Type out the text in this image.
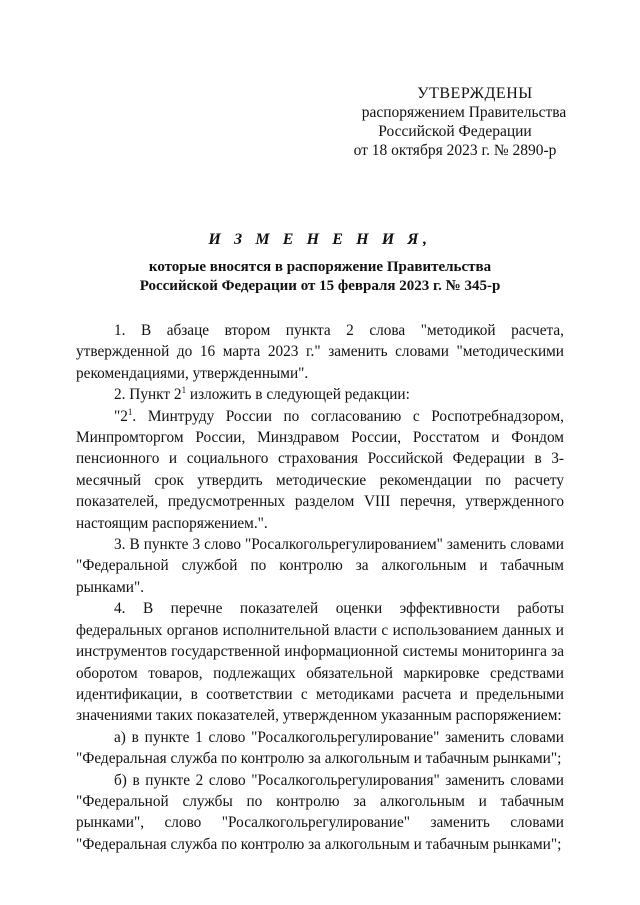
УТВЕРЖДЕНЫ
распоряжением Правительства
Российской Федерации
от 18 октября 2023 г. № 2890-р
И З М Е Н Е Н И Я,
которые вносятся в распоряжение Правительства
Российской Федерации от 15 февраля 2023 г. № 345-р

1. В абзаце втором пункта 2 слова "методикой расчета, утвержденной до 16 марта 2023 г." заменить словами "методическими рекомендациями, утвержденными".

2. Пункт $2^1$ изложить в следующей редакции:

"$2^1$. Минтруду России по согласованию с Роспотребнадзором, Минпромторгом России, Минздравом России, Росстатом и Фондом пенсионного и социального страхования Российской Федерации в 3-месячный срок утвердить методические рекомендации по расчету показателей, предусмотренных разделом VIII перечня, утвержденного настоящим распоряжением.".

3. В пункте 3 слово "Росалкогольрегулированием" заменить словами "Федеральной службой по контролю за алкогольным и табачным рынками".

4. В перечне показателей оценки эффективности работы федеральных органов исполнительной власти с использованием данных и инструментов государственной информационной системы мониторинга за оборотом товаров, подлежащих обязательной маркировке средствами идентификации, в соответствии с методиками расчета и предельными значениями таких показателей, утвержденном указанным распоряжением:

а) в пункте 1 слово "Росалкогольрегулирование" заменить словами "Федеральная служба по контролю за алкогольным и табачным рынками";

б) в пункте 2 слово "Росалкогольрегулирования" заменить словами "Федеральной службы по контролю за алкогольным и табачным рынками", слово "Росалкогольрегулирование" заменить словами "Федеральная служба по контролю за алкогольным и табачным рынками";
